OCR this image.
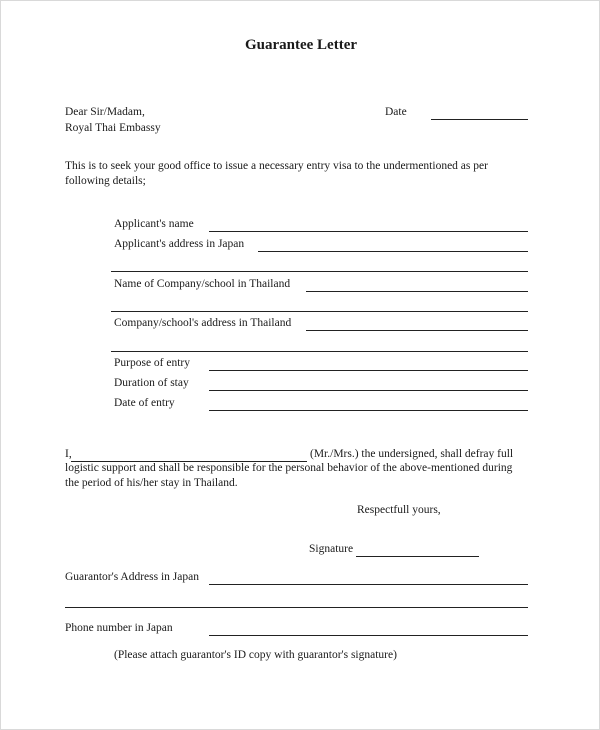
Guarantee Letter
Dear Sir/Madam,
Royal Thai Embassy
Date
This is to seek your good office to issue a necessary entry visa to the undermentioned as per
following details;
Applicant's name
Applicant's address in Japan
Name of Company/school in Thailand
Company/school's address in Thailand
Purpose of entry
Duration of stay
Date of entry
I,	(Mr./Mrs.) the undersigned, shall defray full
logistic support and shall be responsible for the personal behavior of the above-mentioned during
the period of his/her stay in Thailand.
Respectfull yours,
Signature
Guarantor's Address in Japan
Phone number in Japan
(Please attach guarantor's ID copy with guarantor's signature)
